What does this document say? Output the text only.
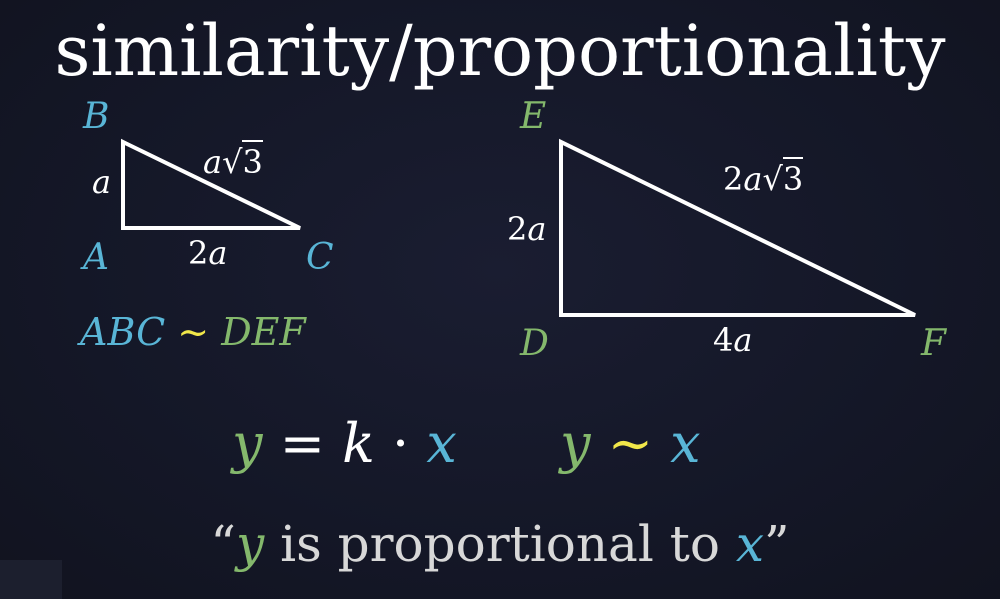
similarity/proportionality
B
A	C
a
2a
a√3
E
D	F
2a
4a
2a√3
ABC ∼ DEF
y = k · x y ∼ x
“y is proportional to x”
